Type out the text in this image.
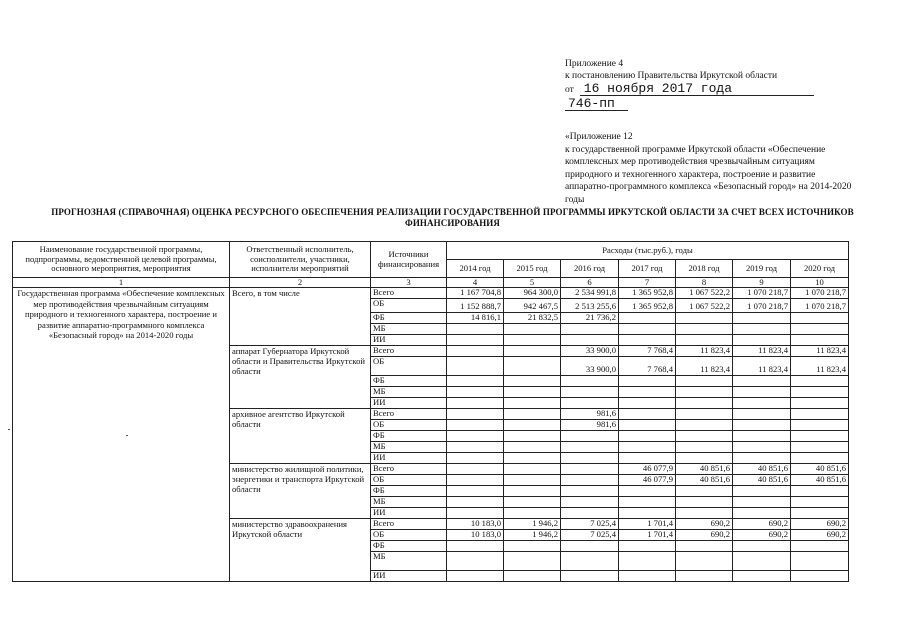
Приложение 4
к постановлению Правительства Иркутской области
от 16 ноября 2017 года
746-пп
«Приложение 12
к государственной программе Иркутской области «Обеспечение комплексных мер противодействия чрезвычайным ситуациям природного и техногенного характера, построение и развитие аппаратно-программного комплекса «Безопасный город» на 2014-2020 годы
ПРОГНОЗНАЯ (СПРАВОЧНАЯ) ОЦЕНКА РЕСУРСНОГО ОБЕСПЕЧЕНИЯ РЕАЛИЗАЦИИ ГОСУДАРСТВЕННОЙ ПРОГРАММЫ ИРКУТСКОЙ ОБЛАСТИ ЗА СЧЕТ ВСЕХ ИСТОЧНИКОВ ФИНАНСИРОВАНИЯ
Наименование государственной программы, подпрограммы, ведомственной целевой программы, основного мероприятия, мероприятия	Ответственный исполнитель, соисполнители, участники, исполнители мероприятий	Источники финансирования	Расходы (тыс.руб.), годы						
			2014 год	2015 год	2016 год	2017 год	2018 год	2019 год	2020 год
1	2	3	4	5	6	7	8	9	10
Государственная программа «Обеспечение комплексных мер противодействия чрезвычайным ситуациям природного и техногенного характера, построение и развитие аппаратно-программного комплекса «Безопасный город» на 2014-2020 годы	Всего, в том числе	Всего	1 167 704,8	964 300,0	2 534 991,8	1 365 952,8	1 067 522,2	1 070 218,7	1 070 218,7
		ОБ	1 152 888,7	942 467,5	2 513 255,6	1 365 952,8	1 067 522,2	1 070 218,7	1 070 218,7
		ФБ	14 816,1	21 832,5	21 736,2				
		МБ							
		ИИ							
	аппарат Губернатора Иркутской области и Правительства Иркутской области	Всего			33 900,0	7 768,4	11 823,4	11 823,4	11 823,4
		ОБ			33 900,0	7 768,4	11 823,4	11 823,4	11 823,4
		ФБ							
		МБ							
		ИИ							
	архивное агентство Иркутской области	Всего			981,6				
		ОБ			981,6				
		ФБ							
		МБ							
		ИИ							
	министерство жилищной политики, энергетики и транспорта Иркутской области	Всего				46 077,9	40 851,6	40 851,6	40 851,6
		ОБ				46 077,9	40 851,6	40 851,6	40 851,6
		ФБ							
		МБ							
		ИИ							
	министерство здравоохранения Иркутской области	Всего	10 183,0	1 946,2	7 025,4	1 701,4	690,2	690,2	690,2
		ОБ	10 183,0	1 946,2	7 025,4	1 701,4	690,2	690,2	690,2
		ФБ							
		МБ							
		ИИ							
